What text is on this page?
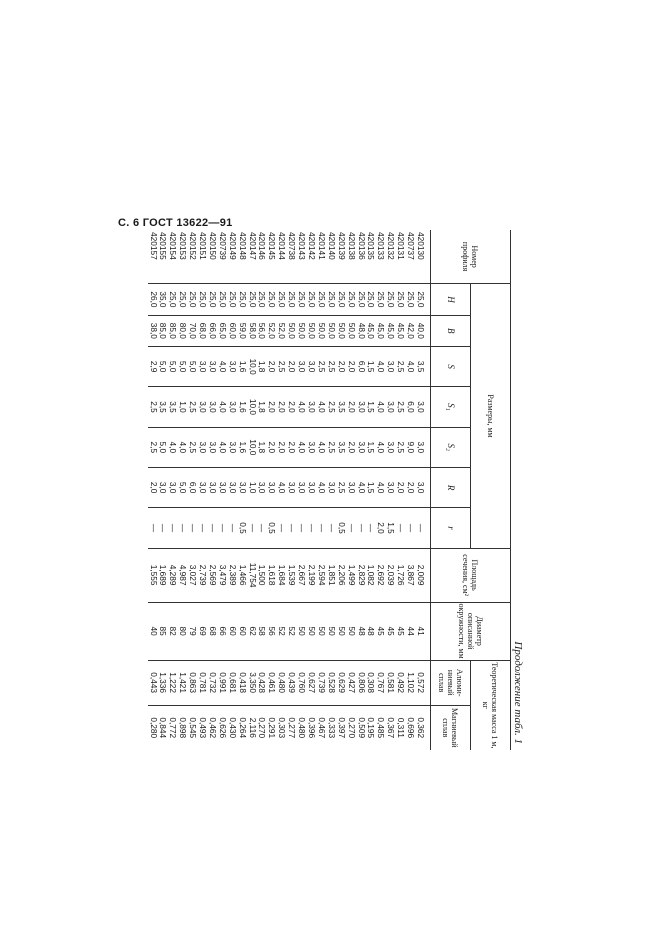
С. 6 ГОСТ 13622—91
Продолжение табл. 1
Номер профиля	Размеры, мм							Площадь сечения, см²	Диаметр описанной окружности, мм	Теоретическая масса 1 м, кг	
	H	B	S	S₁	S₂	R	r			Алюминиевый сплав	Магниевый сплав
420130	25,0	40,0	3,5	3,0	3,0	3,0	—	2,009	41	0,572	0,362
420737	25,0	42,0	4,0	6,0	9,0	2,0	—	3,867	44	1,102	0,696
420131	25,0	45,0	2,5	2,5	2,5	2,0	—	1,726	45	0,492	0,311
420132	25,0	45,0	3,0	3,0	3,0	3,0	1,5	2,039	45	0,581	0,367
420133	25,0	45,0	4,0	4,0	4,0	4,0	2,0	2,692	45	0,767	0,485
420135	25,0	45,0	1,5	1,5	1,5	1,5	—	1,082	48	0,308	0,195
420136	25,0	48,0	6,0	3,0	3,0	4,0	—	2,829	48	0,806	0,509
420138	25,0	50,0	2,0	2,0	2,0	3,0	—	1,499	50	0,427	0,270
420139	25,0	50,0	2,0	3,5	3,5	2,5	0,5	2,206	50	0,629	0,397
420140	25,0	50,0	2,5	2,5	2,5	3,0	—	1,851	50	0,528	0,333
420141	25,0	50,0	2,5	4,0	4,0	4,0	—	2,594	50	0,739	0,467
420142	25,0	50,0	3,0	3,0	3,0	3,0	—	2,199	50	0,627	0,396
420143	25,0	50,0	3,0	4,0	4,0	3,0	—	2,667	50	0,760	0,480
420738	25,0	50,0	2,0	2,0	2,0	3,0	—	1,539	52	0,439	0,277
420144	25,0	52,0	2,5	2,0	2,0	4,0	—	1,684	52	0,480	0,303
420145	25,0	52,0	2,0	2,0	2,0	3,0	0,5	1,618	56	0,461	0,291
420146	25,0	56,0	1,8	1,8	1,8	3,0	—	1,500	58	0,428	0,270
420147	25,0	58,0	10,0	10,0	10,0	1,0	—	11,754	62	3,350	2,116
420148	25,0	59,0	1,6	1,6	1,6	3,0	0,5	1,466	60	0,418	0,264
420149	25,0	60,0	3,0	3,0	3,0	3,0	—	2,389	60	0,681	0,430
420739	25,0	65,0	4,0	4,0	4,0	3,0	—	3,479	66	0,991	0,626
420150	25,0	66,0	3,0	3,0	3,0	3,0	—	2,569	68	0,732	0,462
420151	25,0	68,0	3,0	3,0	3,0	3,0	—	2,739	69	0,781	0,493
420152	25,0	70,0	5,0	2,5	2,5	6,0	—	3,027	79	0,863	0,545
420153	25,0	80,0	5,0	1,0	4,0	5,0	—	4,987	80	1,421	0,898
420154	25,0	85,0	5,0	3,5	4,0	3,0	—	4,289	82	1,222	0,772
420155	35,0	85,0	5,0	3,5	5,0	3,0	—	1,689	85	1,336	0,844
420157	26,0	38,0	2,9	2,5	2,5	2,0	—	1,555	40	0,443	0,280
